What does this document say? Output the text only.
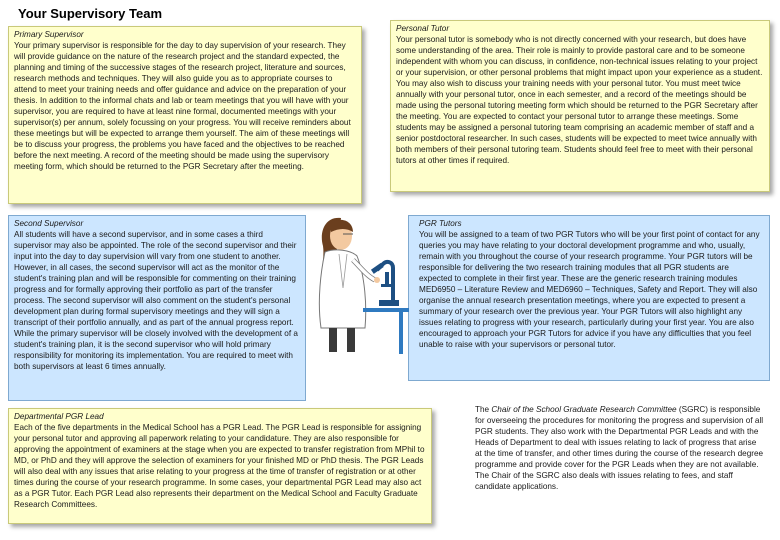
Your Supervisory Team
Primary Supervisor
Your primary supervisor is responsible for the day to day supervision of your research. They will provide guidance on the nature of the research project and the standard expected, the planning and timing of the successive stages of the research project, literature and sources, research methods and techniques. They will also guide you as to appropriate courses to attend to meet your training needs and offer guidance and advice on the preparation of your thesis. In addition to the informal chats and lab or team meetings that you will have with your supervisor, you are required to have at least nine formal, documented meetings with your supervisor(s) per annum, solely focussing on your progress. You will receive reminders about these meetings but will be expected to arrange them yourself. The aim of these meetings will be to discuss your progress, the problems you have faced and the objectives to be reached before the next meeting. A record of the meeting should be made using the supervisory meeting form, which should be returned to the PGR Secretary after the meeting.
Personal Tutor
Your personal tutor is somebody who is not directly concerned with your research, but does have some understanding of the area. Their role is mainly to provide pastoral care and to be someone independent with whom you can discuss, in confidence, non-technical issues relating to your project or your supervision, or other personal problems that might impact upon your experience as a student. You may also wish to discuss your training needs with your personal tutor. You must meet twice annually with your personal tutor, once in each semester, and a record of the meetings should be made using the personal tutoring meeting form which should be returned to the PGR Secretary after the meeting. You are expected to contact your personal tutor to arrange these meetings. Some students may be assigned a personal tutoring team comprising an academic member of staff and a senior postdoctoral researcher. In such cases, students will be expected to meet twice annually with both members of their personal tutoring team. Students should feel free to meet with their personal tutors at other times if required.
Second Supervisor
All students will have a second supervisor, and in some cases a third supervisor may also be appointed. The role of the second supervisor and their input into the day to day supervision will vary from one student to another. However, in all cases, the second supervisor will act as the monitor of the student's training plan and will be responsible for commenting on their training progress and for formally approving their portfolio as part of the transfer process. The second supervisor will also comment on the student's personal development plan during formal supervisory meetings and they will sign a transcript of their portfolio annually, and as part of the annual progress report. While the primary supervisor will be closely involved with the development of a student's training plan, it is the second supervisor who will hold primary responsibility for monitoring its implementation. You are required to meet with both supervisors at least 6 times annually.
PGR Tutors
You will be assigned to a team of two PGR Tutors who will be your first point of contact for any queries you may have relating to your doctoral development programme and who, usually, remain with you throughout the course of your research programme. Your PGR tutors will be responsible for delivering the two research training modules that all PGR students are expected to complete in their first year. These are the generic research training modules MED6950 – Literature Review and MED6960 – Techniques, Safety and Report. They will also organise the annual research presentation meetings, where you are expected to present a summary of your research over the previous year. Your PGR Tutors will also highlight any issues relating to progress with your research, particularly during your first year. You are also encouraged to approach your PGR Tutors for advice if you have any difficulties that you feel unable to raise with your supervisors or personal tutor.
Departmental PGR Lead
Each of the five departments in the Medical School has a PGR Lead. The PGR Lead is responsible for assigning your personal tutor and approving all paperwork relating to your candidature. They are also responsible for approving the appointment of examiners at the stage when you are expected to transfer registration from MPhil to MD, or PhD and they will approve the selection of examiners for your finished MD or PhD thesis. The PGR Leads will also deal with any issues that arise relating to your progress at the time of transfer of registration or at other times during the course of your research programme. In some cases, your departmental PGR Lead may also act as a PGR Tutor. Each PGR Lead also represents their department on the Medical School and Faculty Graduate Research Committees.
The Chair of the School Graduate Research Committee (SGRC) is responsible for overseeing the procedures for monitoring the progress and supervision of all PGR students. They also work with the Departmental PGR Leads and with the Heads of Department to deal with issues relating to lack of progress that arise at the time of transfer, and other times during the course of the research degree programme and provide cover for the PGR Leads when they are not available. The Chair of the SGRC also deals with issues relating to fees, and staff candidate applications.
